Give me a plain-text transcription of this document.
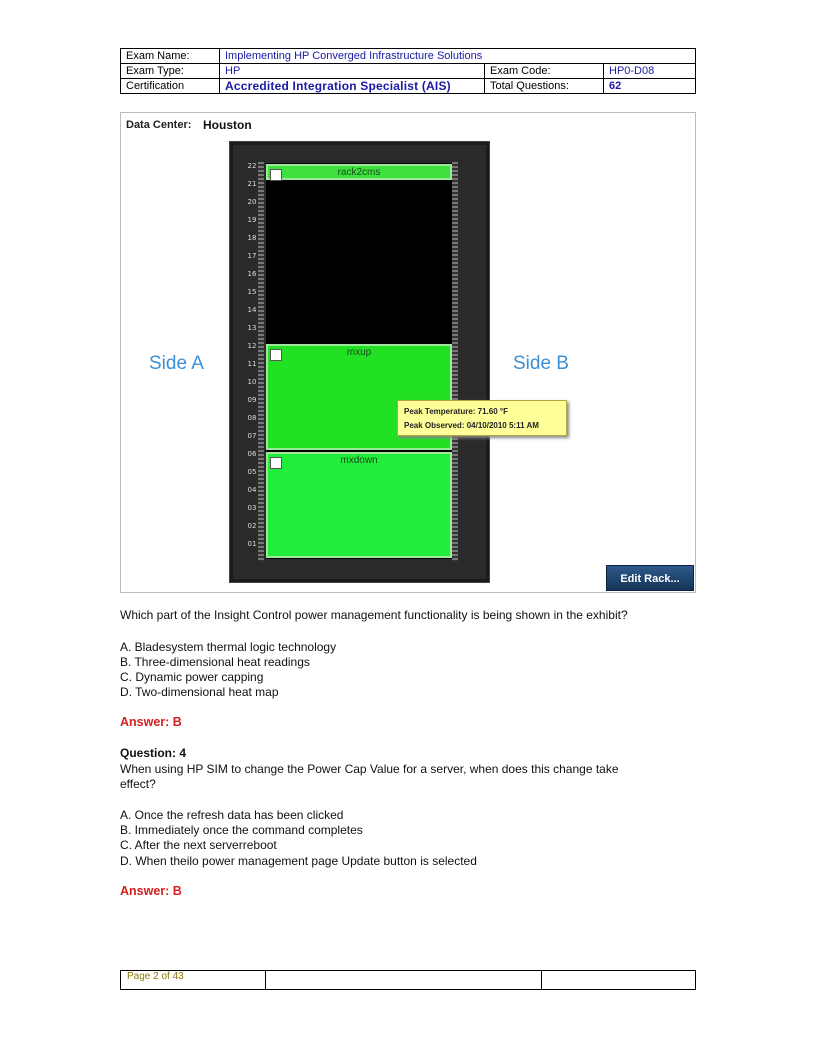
Exam Name:	Implementing HP Converged Infrastructure Solutions		
Exam Type:	HP	Exam Code:	HP0-D08
Certification	Accredited Integration Specialist (AIS)	Total Questions:	62
Data Center: Houston
Side A	Side B
22
21
20
19
18
17
16
15
14
13
12
11
10
09
08
07
06
05
04
03
02
01
rack2cms
mxup
mxdown
Peak Temperature: 71.60 °F
Peak Observed: 04/10/2010 5:11 AM
Edit Rack...
Which part of the Insight Control power management functionality is being shown in the exhibit?
A. Bladesystem thermal logic technology
B. Three-dimensional heat readings
C. Dynamic power capping
D. Two-dimensional heat map
Answer: B
Question: 4
When using HP SIM to change the Power Cap Value for a server, when does this change take
effect?
A. Once the refresh data has been clicked
B. Immediately once the command completes
C. After the next serverreboot
D. When theilo power management page Update button is selected
Answer: B
Page 2 of 43		
